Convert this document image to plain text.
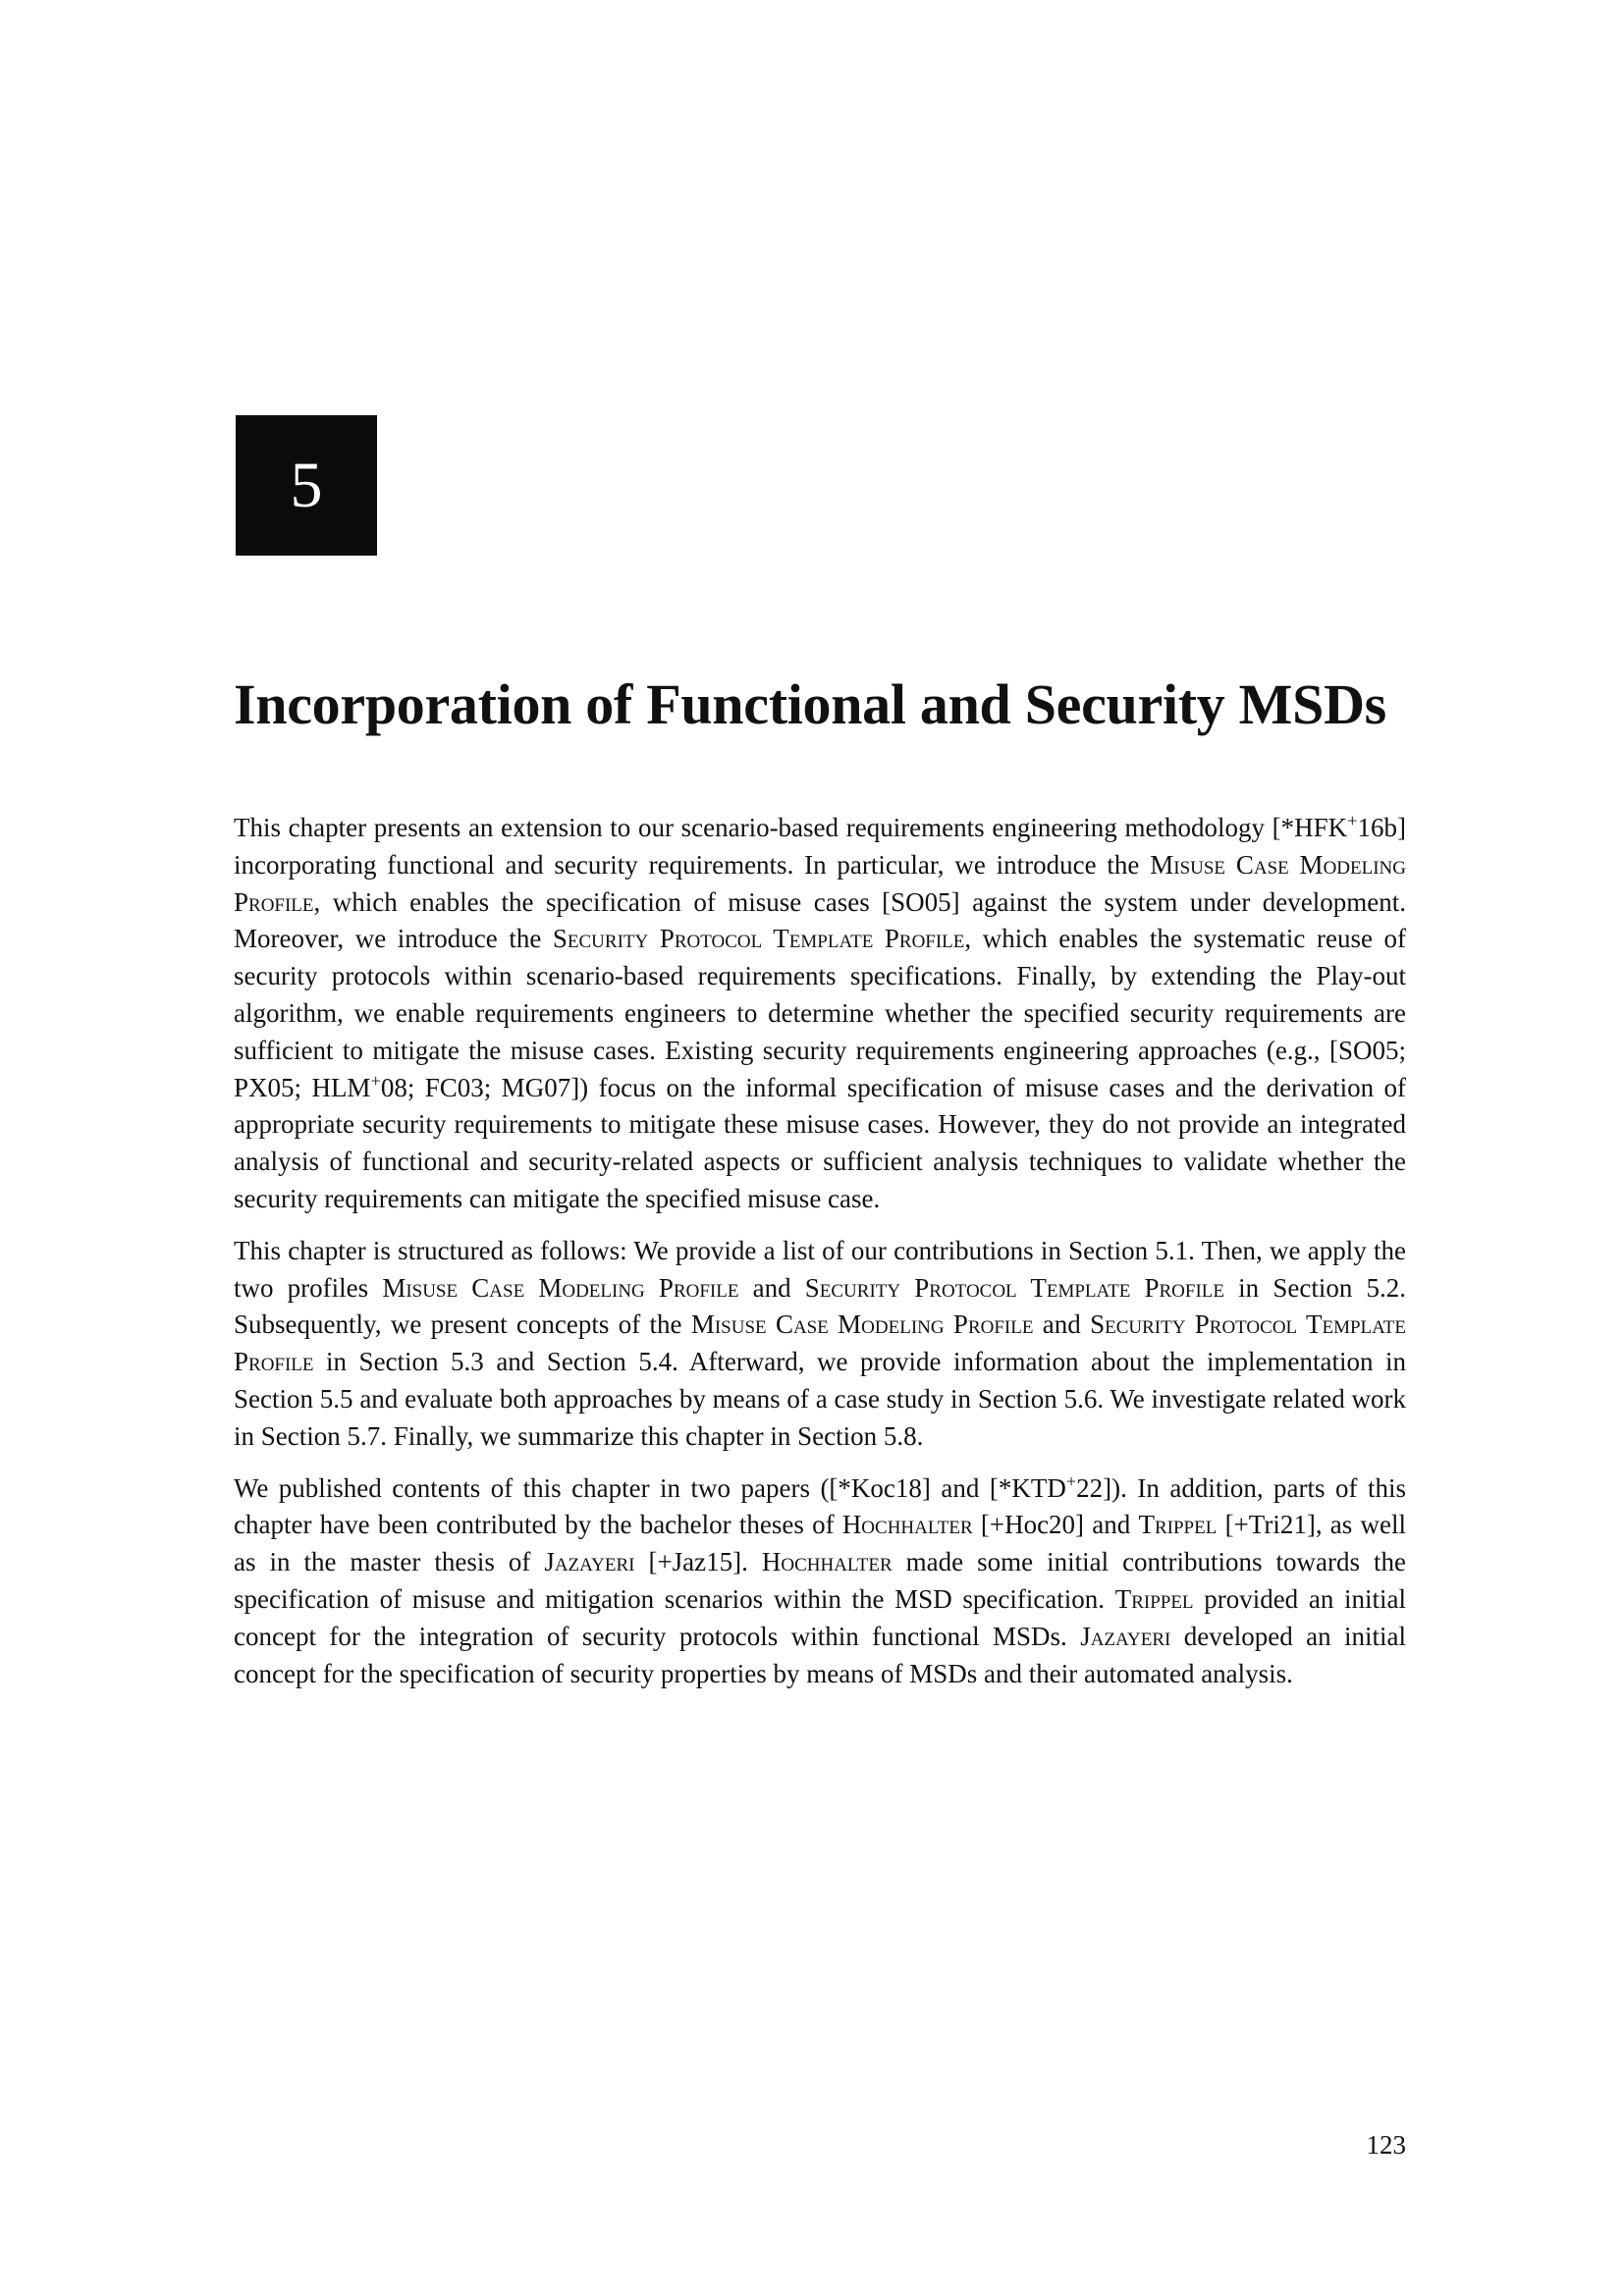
5
Incorporation of Functional and Security MSDs

This chapter presents an extension to our scenario-based requirements engineering methodology [*HFK+16b] incorporating functional and security requirements. In particular, we introduce the Misuse Case Modeling Profile, which enables the specification of misuse cases [SO05] against the system under development. Moreover, we introduce the Security Protocol Template Profile, which enables the systematic reuse of security protocols within scenario-based requirements specifications. Finally, by extending the Play-out algorithm, we enable requirements engineers to determine whether the specified security requirements are sufficient to mitigate the misuse cases. Existing security requirements engineering approaches (e.g., [SO05; PX05; HLM+08; FC03; MG07]) focus on the informal specification of misuse cases and the derivation of appropriate security requirements to mitigate these misuse cases. However, they do not provide an integrated analysis of functional and security-related aspects or sufficient analysis techniques to validate whether the security requirements can mitigate the specified misuse case.

This chapter is structured as follows: We provide a list of our contributions in Section 5.1. Then, we apply the two profiles Misuse Case Modeling Profile and Security Protocol Template Profile in Section 5.2. Subsequently, we present concepts of the Misuse Case Modeling Profile and Security Protocol Template Profile in Section 5.3 and Section 5.4. Afterward, we provide information about the implementation in Section 5.5 and evaluate both approaches by means of a case study in Section 5.6. We investigate related work in Section 5.7. Finally, we summarize this chapter in Section 5.8.

We published contents of this chapter in two papers ([*Koc18] and [*KTD+22]). In addition, parts of this chapter have been contributed by the bachelor theses of Hochhalter [+Hoc20] and Trippel [+Tri21], as well as in the master thesis of Jazayeri [+Jaz15]. Hochhalter made some initial contributions towards the specification of misuse and mitigation scenarios within the MSD specification. Trippel provided an initial concept for the integration of security protocols within functional MSDs. Jazayeri developed an initial concept for the specification of security properties by means of MSDs and their automated analysis.

123
